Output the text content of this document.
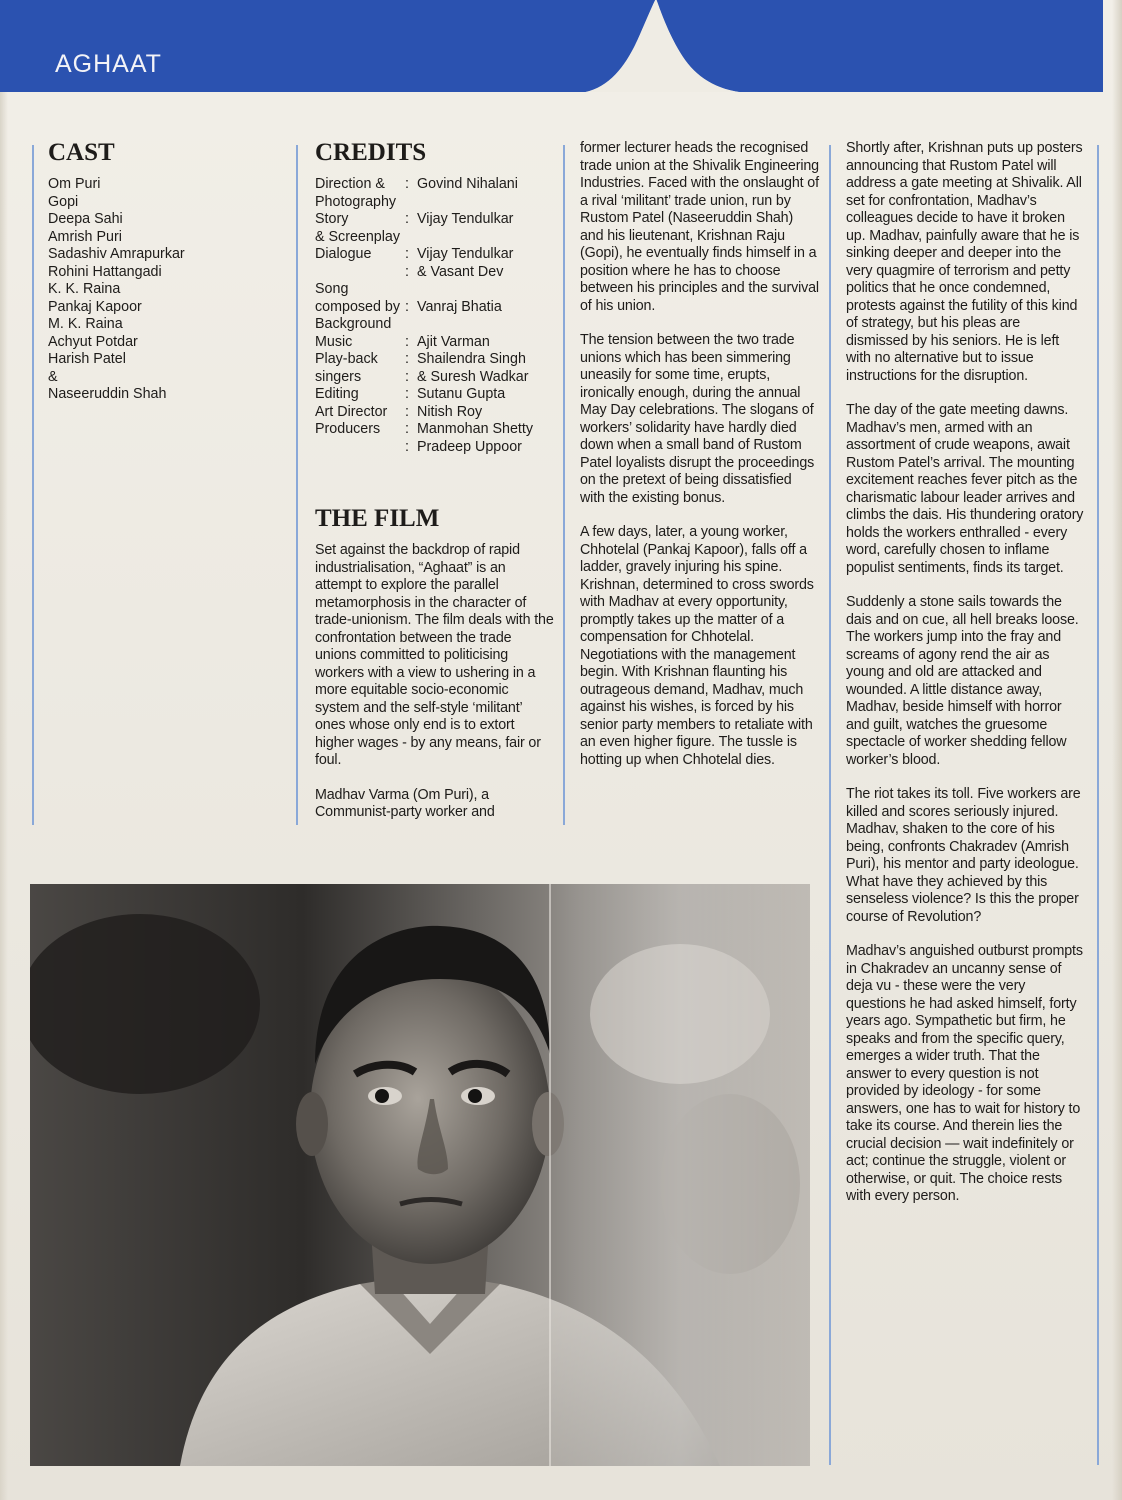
AGHAAT
CAST
Om Puri
Gopi
Deepa Sahi
Amrish Puri
Sadashiv Amrapurkar
Rohini Hattangadi
K. K. Raina
Pankaj Kapoor
M. K. Raina
Achyut Potdar
Harish Patel
&
Naseeruddin Shah
CREDITS
Direction &	:	Govind Nihalani
Photography		
Story	:	Vijay Tendulkar
& Screenplay		
Dialogue	:	Vijay Tendulkar
	:	& Vasant Dev
Song		
composed by	:	Vanraj Bhatia
Background		
Music	:	Ajit Varman
Play-back	:	Shailendra Singh
singers	:	& Suresh Wadkar
Editing	:	Sutanu Gupta
Art Director	:	Nitish Roy
Producers	:	Manmohan Shetty
	:	Pradeep Uppoor
THE FILM

Set against the backdrop of rapid industrialisation, “Aghaat” is an attempt to explore the parallel metamorphosis in the character of trade-unionism. The film deals with the confrontation between the trade unions committed to politicising workers with a view to ushering in a more equitable socio-economic system and the self-style ‘militant’ ones whose only end is to extort higher wages - by any means, fair or foul.

Madhav Varma (Om Puri), a Communist-party worker and

former lecturer heads the recognised trade union at the Shivalik Engineering Industries. Faced with the onslaught of a rival ‘militant’ trade union, run by Rustom Patel (Naseeruddin Shah) and his lieutenant, Krishnan Raju (Gopi), he eventually finds himself in a position where he has to choose between his principles and the survival of his union.

The tension between the two trade unions which has been simmering uneasily for some time, erupts, ironically enough, during the annual May Day celebrations. The slogans of workers’ solidarity have hardly died down when a small band of Rustom Patel loyalists disrupt the proceedings on the pretext of being dissatisfied with the existing bonus.

A few days, later, a young worker, Chhotelal (Pankaj Kapoor), falls off a ladder, gravely injuring his spine. Krishnan, determined to cross swords with Madhav at every opportunity, promptly takes up the matter of a compensation for Chhotelal. Negotiations with the management begin. With Krishnan flaunting his outrageous demand, Madhav, much against his wishes, is forced by his senior party members to retaliate with an even higher figure. The tussle is hotting up when Chhotelal dies.

Shortly after, Krishnan puts up posters announcing that Rustom Patel will address a gate meeting at Shivalik. All set for confrontation, Madhav’s colleagues decide to have it broken up. Madhav, painfully aware that he is sinking deeper and deeper into the very quagmire of terrorism and petty politics that he once condemned, protests against the futility of this kind of strategy, but his pleas are dismissed by his seniors. He is left with no alternative but to issue instructions for the disruption.

The day of the gate meeting dawns. Madhav’s men, armed with an assortment of crude weapons, await Rustom Patel’s arrival. The mounting excitement reaches fever pitch as the charismatic labour leader arrives and climbs the dais. His thundering oratory holds the workers enthralled - every word, carefully chosen to inflame populist sentiments, finds its target.

Suddenly a stone sails towards the dais and on cue, all hell breaks loose. The workers jump into the fray and screams of agony rend the air as young and old are attacked and wounded. A little distance away, Madhav, beside himself with horror and guilt, watches the gruesome spectacle of worker shedding fellow worker’s blood.

The riot takes its toll. Five workers are killed and scores seriously injured. Madhav, shaken to the core of his being, confronts Chakradev (Amrish Puri), his mentor and party ideologue. What have they achieved by this senseless violence? Is this the proper course of Revolution?

Madhav’s anguished outburst prompts in Chakradev an uncanny sense of deja vu - these were the very questions he had asked himself, forty years ago. Sympathetic but firm, he speaks and from the specific query, emerges a wider truth. That the answer to every question is not provided by ideology - for some answers, one has to wait for history to take its course. And therein lies the crucial decision — wait indefinitely or act; continue the struggle, violent or otherwise, or quit. The choice rests with every person.
